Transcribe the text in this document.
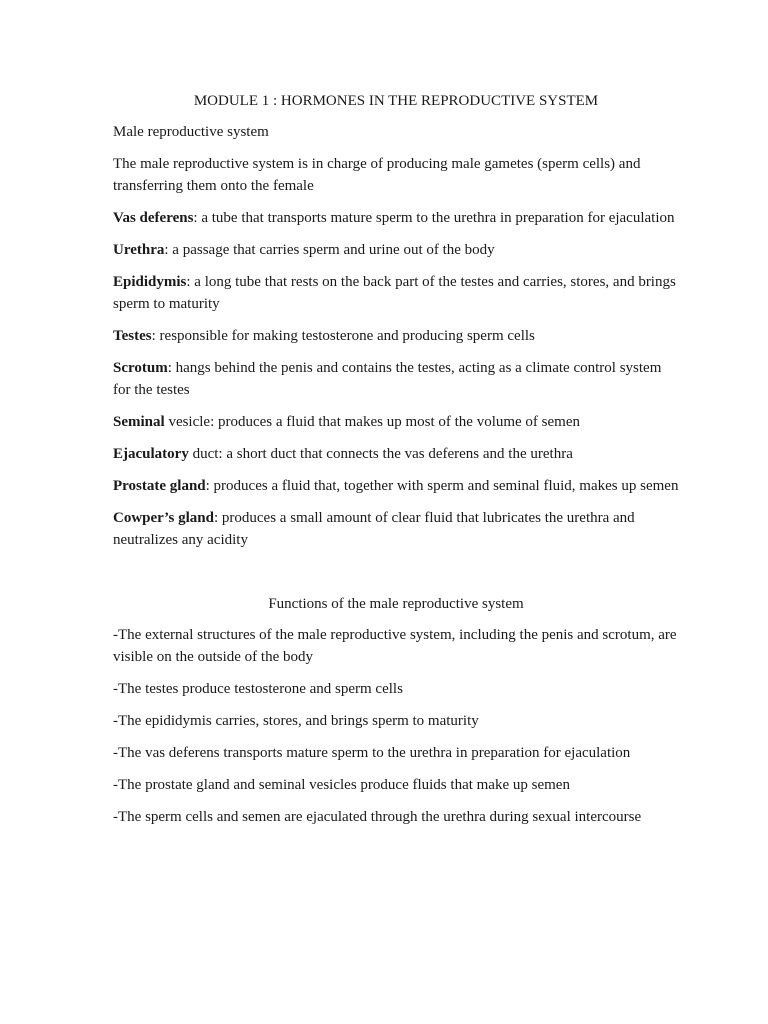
MODULE 1 : HORMONES IN THE REPRODUCTIVE SYSTEM

Male reproductive system

The male reproductive system is in charge of producing male gametes (sperm cells) and transferring them onto the female

Vas deferens: a tube that transports mature sperm to the urethra in preparation for ejaculation

Urethra: a passage that carries sperm and urine out of the body

Epididymis: a long tube that rests on the back part of the testes and carries, stores, and brings sperm to maturity

Testes: responsible for making testosterone and producing sperm cells

Scrotum: hangs behind the penis and contains the testes, acting as a climate control system for the testes

Seminal vesicle: produces a fluid that makes up most of the volume of semen

Ejaculatory duct: a short duct that connects the vas deferens and the urethra

Prostate gland: produces a fluid that, together with sperm and seminal fluid, makes up semen

Cowper’s gland: produces a small amount of clear fluid that lubricates the urethra and neutralizes any acidity

Functions of the male reproductive system

-The external structures of the male reproductive system, including the penis and scrotum, are visible on the outside of the body

-The testes produce testosterone and sperm cells

-The epididymis carries, stores, and brings sperm to maturity

-The vas deferens transports mature sperm to the urethra in preparation for ejaculation

-The prostate gland and seminal vesicles produce fluids that make up semen

-The sperm cells and semen are ejaculated through the urethra during sexual intercourse
